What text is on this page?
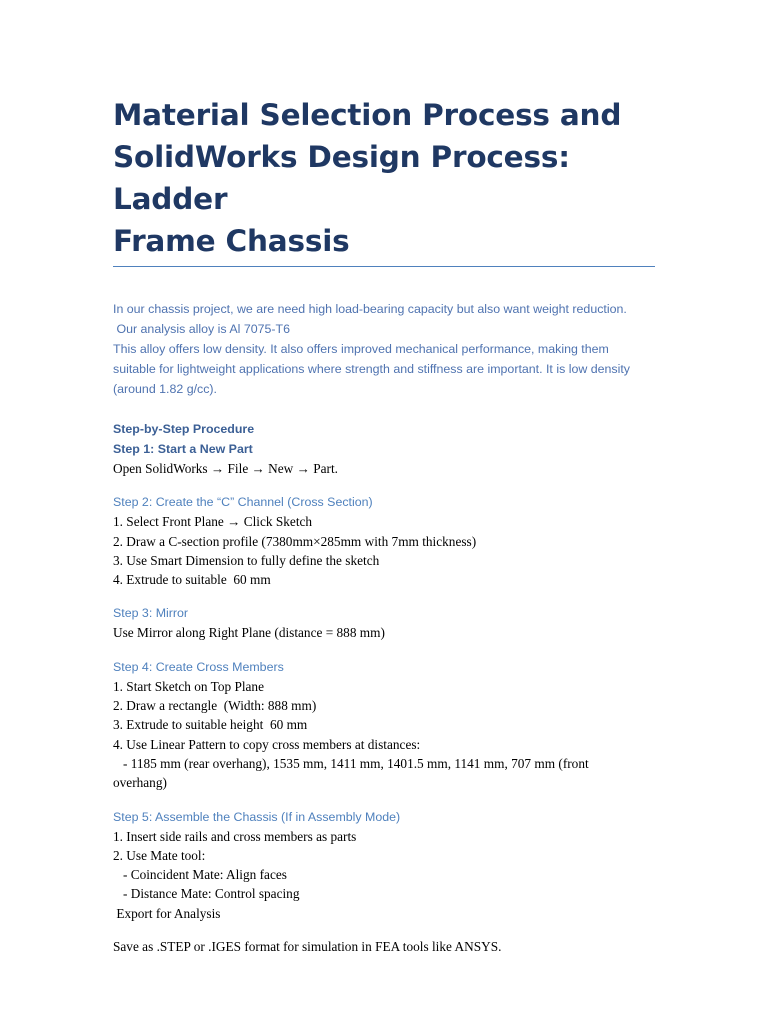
Material Selection Process and
SolidWorks Design Process: Ladder
Frame Chassis
In our chassis project, we are need high load-bearing capacity but also want weight reduction.
Our analysis alloy is Al 7075-T6
This alloy offers low density. It also offers improved mechanical performance, making them
suitable for lightweight applications where strength and stiffness are important. It is low density
(around 1.82 g/cc).
Step-by-Step Procedure
Step 1: Start a New Part
Open SolidWorks → File → New → Part.
Step 2: Create the “C” Channel (Cross Section)
1. Select Front Plane → Click Sketch
2. Draw a C-section profile (7380mm×285mm with 7mm thickness)
3. Use Smart Dimension to fully define the sketch
4. Extrude to suitable  60 mm
Step 3: Mirror
Use Mirror along Right Plane (distance = 888 mm)
Step 4: Create Cross Members
1. Start Sketch on Top Plane
2. Draw a rectangle  (Width: 888 mm)
3. Extrude to suitable height  60 mm
4. Use Linear Pattern to copy cross members at distances:
- 1185 mm (rear overhang), 1535 mm, 1411 mm, 1401.5 mm, 1141 mm, 707 mm (front
overhang)
Step 5: Assemble the Chassis (If in Assembly Mode)
1. Insert side rails and cross members as parts
2. Use Mate tool:
- Coincident Mate: Align faces
- Distance Mate: Control spacing
Export for Analysis
Save as .STEP or .IGES format for simulation in FEA tools like ANSYS.
